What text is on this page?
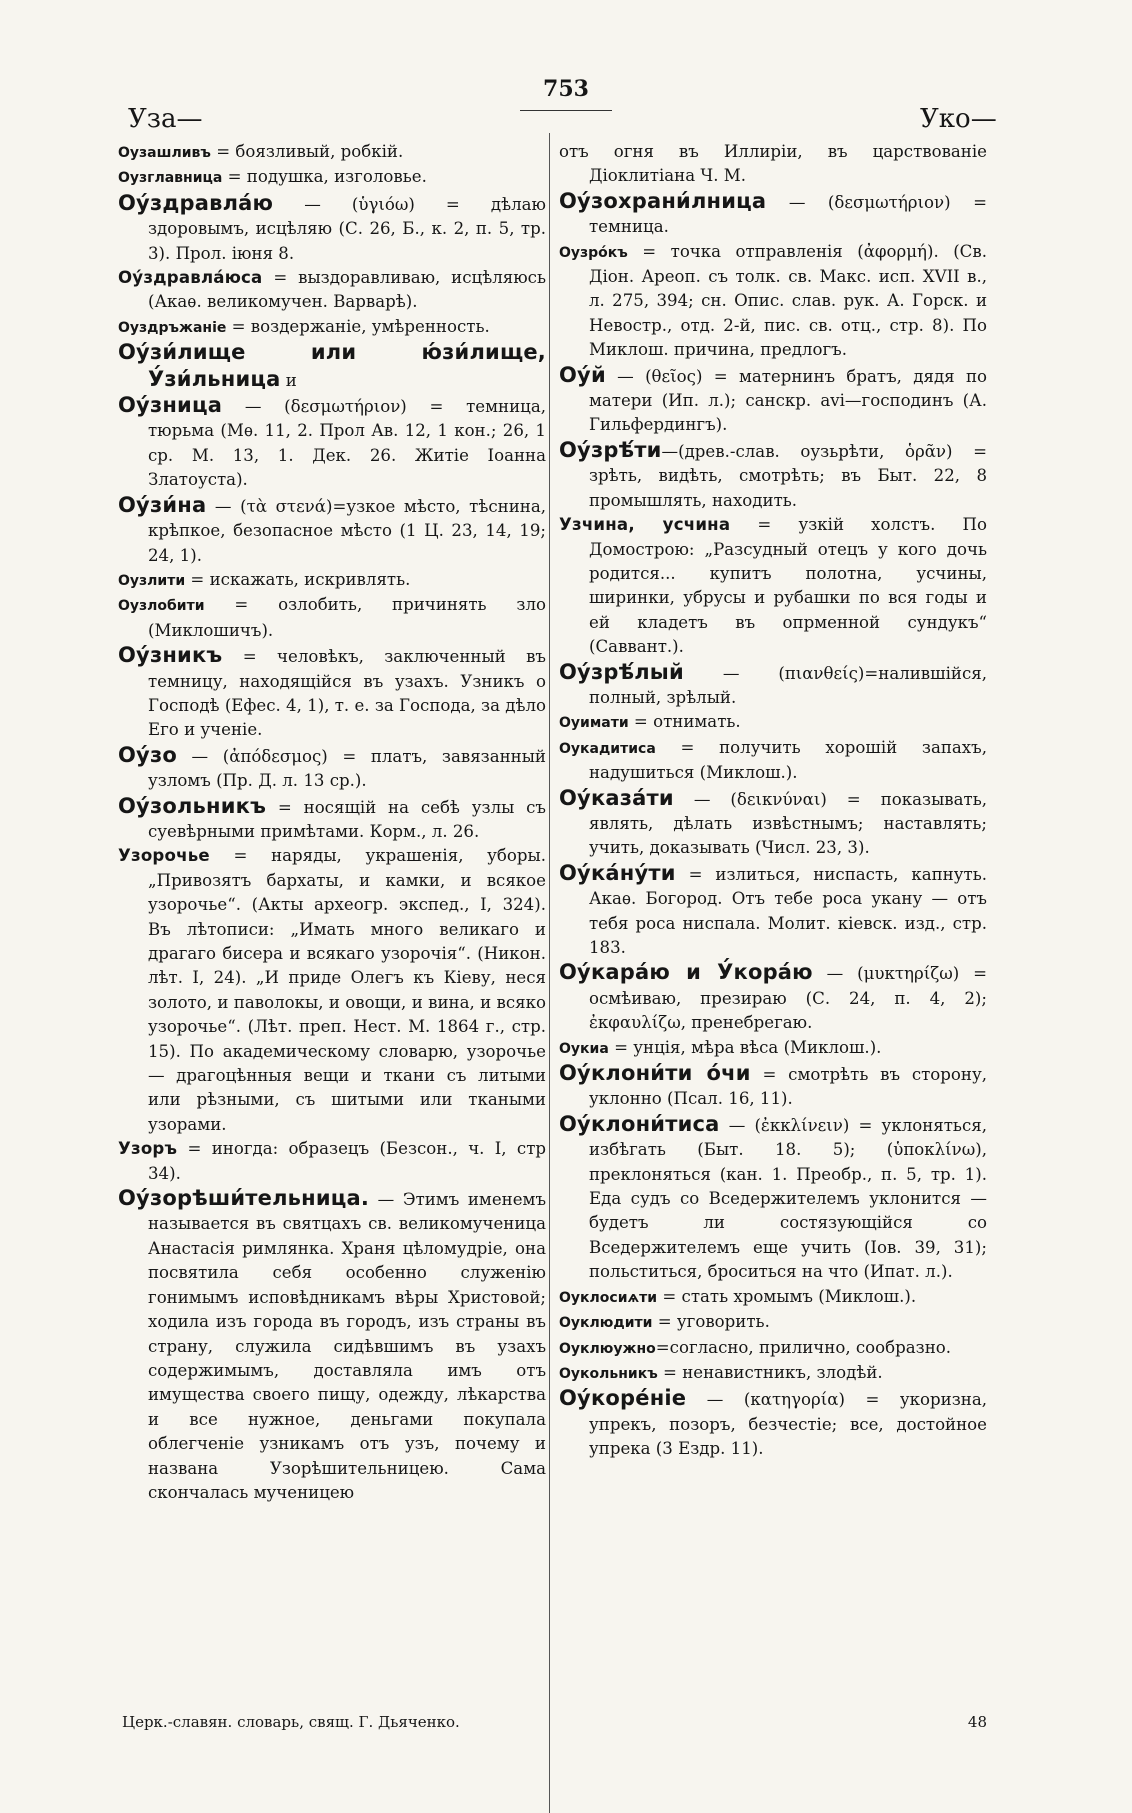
753
Узa—	Уко—

Оузашливъ = боязливый, робкій.

Оузглавница = подушка, изголовье.

Оу́здравла́ю — (ὑγιόω) = дѣлаю здоровымъ, исцѣляю (С. 26, Б., к. 2, п. 5, тр. 3). Прол. іюня 8.

Оу́здравла́юса = выздоравливаю, исцѣляюсь (Акаѳ. великомучен. Варварѣ).

Оуздръжаніе = воздержаніе, умѣренность.

Оу́зи́лище или ю́зи́лище, У́зи́льница и

Оу́зница — (δεσμωτήριον) = темница, тюрьма (Мѳ. 11, 2. Прол Ав. 12, 1 кон.; 26, 1 ср. М. 13, 1. Дек. 26. Житіе Іоанна Златоуста).

Оу́зи́на — (τὰ στενά)=узкое мѣсто, тѣснина, крѣпкое, безопасное мѣсто (1 Ц. 23, 14, 19; 24, 1).

Оузлити = искажать, искривлять.

Оузлобити = озлобить, причинять зло (Миклошичъ).

Оу́зникъ = человѣкъ, заключенный въ темницу, находящійся въ узахъ. Узникъ о Господѣ (Ефес. 4, 1), т. е. за Господа, за дѣло Его и ученіе.

Оу́зо — (ἀπόδεσμος) = платъ, завязанный узломъ (Пр. Д. л. 13 ср.).

Оу́зольникъ = носящій на себѣ узлы съ суевѣрными примѣтами. Корм., л. 26.

Узорочье = наряды, украшенія, уборы. „Привозятъ бархаты, и камки, и всякое узорочье“. (Акты археогр. экспед., I, 324). Въ лѣтописи: „Имать много великаго и драгаго бисера и всякаго узорочія“. (Никон. лѣт. I, 24). „И приде Олегъ къ Кіеву, неся золото, и паволокы, и овощи, и вина, и всяко узорочье“. (Лѣт. преп. Нест. М. 1864 г., стр. 15). По академическому словарю, узорочье — драгоцѣнныя вещи и ткани съ литыми или рѣзными, съ шитыми или ткаными узорами.

Узоръ = иногда: образецъ (Безсон., ч. I, стр 34).

Оу́зорѣши́тельница. — Этимъ именемъ называется въ святцахъ св. великомученица Анастасія римлянка. Храня цѣломудріе, она посвятила себя особенно служенію гонимымъ исповѣдникамъ вѣры Христовой; ходила изъ города въ городъ, изъ страны въ страну, служила сидѣвшимъ въ узахъ содержимымъ, доставляла имъ отъ имущества своего пищу, одежду, лѣкарства и все нужное, деньгами покупала облегченіе узникамъ отъ узъ, почему и названа Узорѣшительницею. Сама скончалась мученицею

отъ огня въ Иллиріи, въ царствованіе Діоклитіана Ч. М.

Оу́зохрани́лница — (δεσμωτήριον) = темница.

Оузро́къ = точка отправленія (ἀφορμή). (Св. Діон. Ареоп. съ толк. св. Макс. исп. XVII в., л. 275, 394; сн. Опис. слав. рук. А. Горск. и Невостр., отд. 2-й, пис. св. отц., стр. 8). По Миклош. причина, предлогъ.

Оу́й — (θεῖος) = матернинъ братъ, дядя по матери (Ип. л.); санскр. avi—господинъ (А. Гильфердингъ).

Оу́зрѣ́ти—(древ.-слав. оузьрѣти, ὁρᾶν) = зрѣть, видѣть, смотрѣть; въ Быт. 22, 8 промышлять, находить.

Узчина, усчина = узкій холстъ. По Домострою: „Разсудный отецъ у кого дочь родится... купитъ полотна, усчины, ширинки, убрусы и рубашки по вся годы и ей кладетъ въ опрменной сундукъ“ (Саввант.).

Оу́зрѣ́лый — (πιανθείς)=налившійся, полный, зрѣлый.

Оуимати = отнимать.

Оукадитиса = получить хорошій запахъ, надушиться (Миклош.).

Оу́каза́ти — (δεικνύναι) = показывать, являть, дѣлать извѣстнымъ; наставлять; учить, доказывать (Числ. 23, 3).

Оу́ка́ну́ти = излиться, ниспасть, капнуть. Акаѳ. Богород. Отъ тебе роса укану — отъ тебя роса ниспала. Молит. кіевск. изд., стр. 183.

Оу́кара́ю и У́кора́ю — (μυκτηρίζω) = осмѣиваю, презираю (С. 24, п. 4, 2); ἐκφαυλίζω, пренебрегаю.

Оукиа = унція, мѣра вѣса (Миклош.).

Оу́клони́ти о́чи = смотрѣть въ сторону, уклонно (Псал. 16, 11).

Оу́клони́тиса — (ἐκκλίνειν) = уклоняться, избѣгать (Быт. 18. 5); (ὑποκλίνω), преклоняться (кан. 1. Преобр., п. 5, тр. 1). Еда судъ со Вседержителемъ уклонится — будетъ ли состязующійся со Вседержителемъ еще учить (Іов. 39, 31); польститься, броситься на что (Ипат. л.).

Оуклосиѧти = стать хромымъ (Миклош.).

Оуклюдити = уговорить.

Оуклюужно=согласно, прилично, сообразно.

Оукольникъ = ненавистникъ, злодѣй.

Оу́коре́ніе — (κατηγορία) = укоризна, упрекъ, позоръ, безчестіе; все, достойное упрека (3 Ездр. 11).

Церк.-славян. словарь, свящ. Г. Дьяченко.	48
